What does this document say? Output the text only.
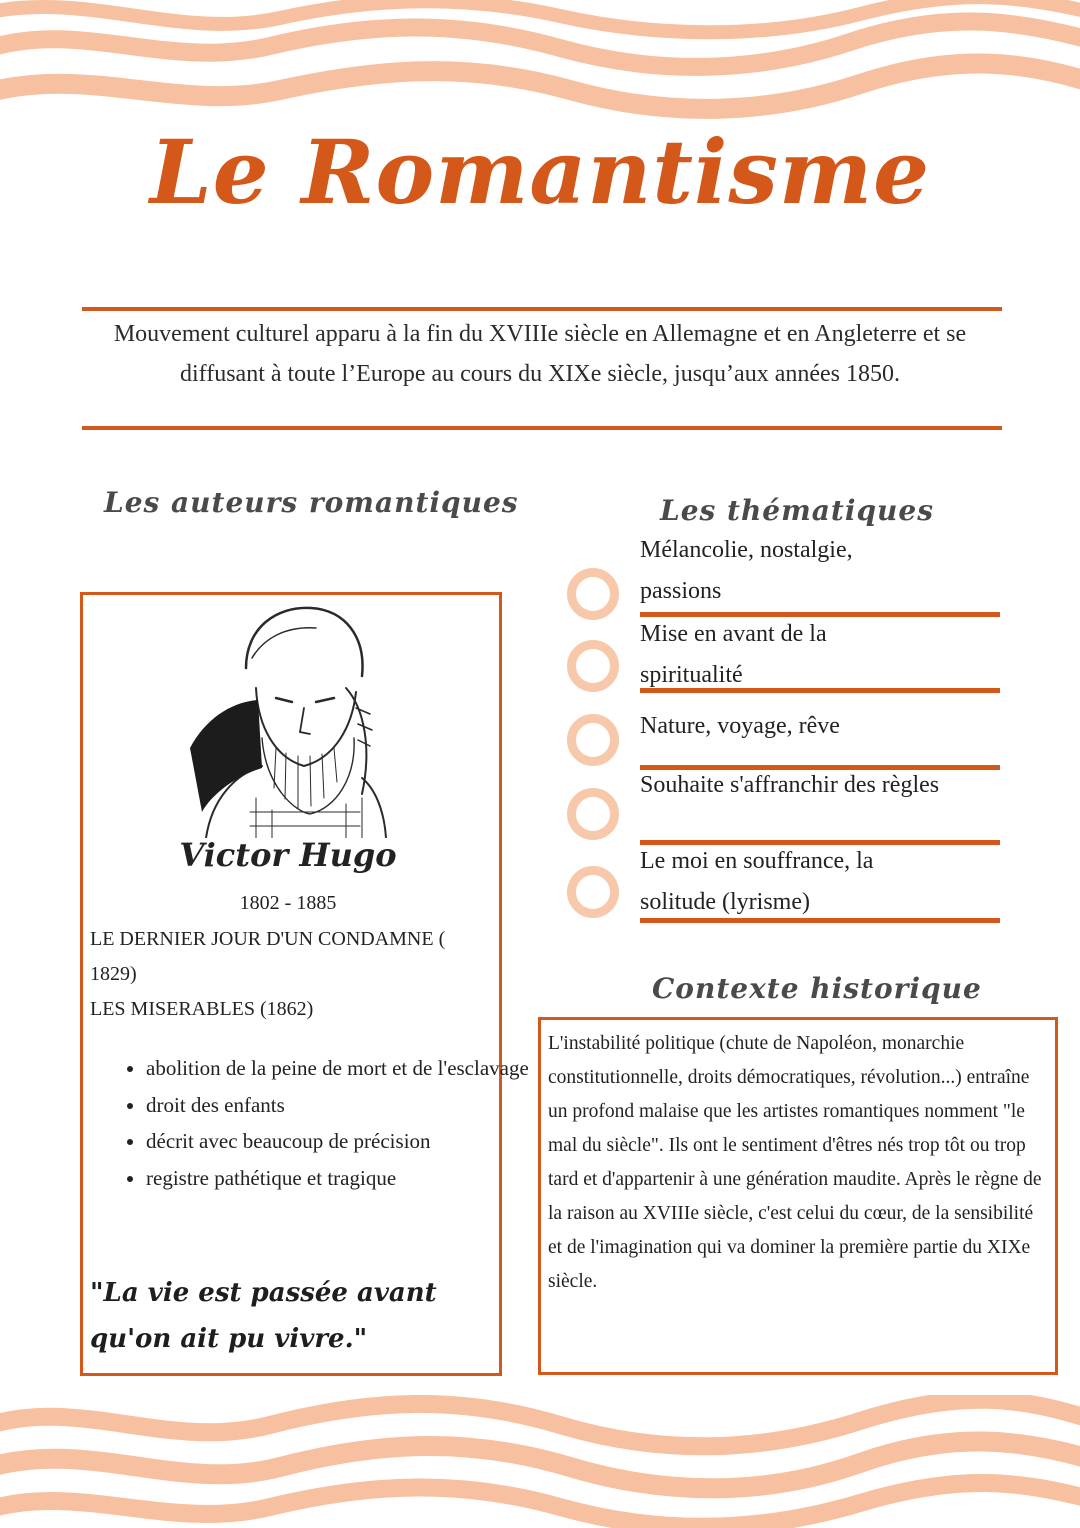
Le Romantisme
Mouvement culturel apparu à la fin du XVIIIe siècle en Allemagne et en Angleterre et se diffusant à toute l’Europe au cours du XIXe siècle, jusqu’aux années 1850.
Les auteurs romantiques
Victor Hugo
1802 - 1885
LE DERNIER JOUR D'UN CONDAMNE ( 1829)
LES MISERABLES (1862)
• abolition de la peine de mort et de l'esclavage
• droit des enfants
• décrit avec beaucoup de précision
• registre pathétique et tragique
"La vie est passée avant qu'on ait pu vivre."
Les thématiques
Mélancolie, nostalgie, passions
Mise en avant de la spiritualité
Nature, voyage, rêve
Souhaite s'affranchir des règles
Le moi en souffrance, la solitude (lyrisme)
Contexte historique
L'instabilité politique (chute de Napoléon, monarchie constitutionnelle, droits démocratiques, révolution...) entraîne un profond malaise que les artistes romantiques nomment "le mal du siècle". Ils ont le sentiment d'êtres nés trop tôt ou trop tard et d'appartenir à une génération maudite. Après le règne de la raison au XVIIIe siècle, c'est celui du cœur, de la sensibilité et de l'imagination qui va dominer la première partie du XIXe siècle.
